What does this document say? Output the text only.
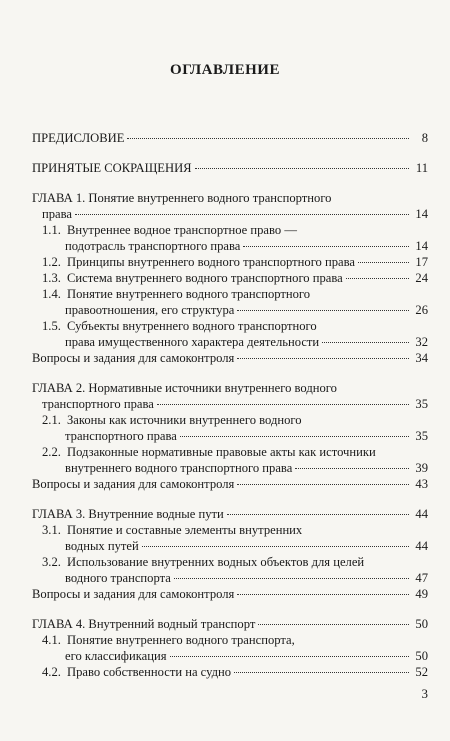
ОГЛАВЛЕНИЕ
ПРЕДИСЛОВИЕ	8
ПРИНЯТЫЕ СОКРАЩЕНИЯ	11
ГЛАВА 1. Понятие внутреннего водного транспортного
права	14
1.1. Внутреннее водное транспортное право —
подотрасль транспортного права	14
1.2. Принципы внутреннего водного транспортного права	17
1.3. Система внутреннего водного транспортного права	24
1.4. Понятие внутреннего водного транспортного
правоотношения, его структура	26
1.5. Субъекты внутреннего водного транспортного
права имущественного характера деятельности	32
Вопросы и задания для самоконтроля	34
ГЛАВА 2. Нормативные источники внутреннего водного
транспортного права	35
2.1. Законы как источники внутреннего водного
транспортного права	35
2.2. Подзаконные нормативные правовые акты как источники
внутреннего водного транспортного права	39
Вопросы и задания для самоконтроля	43
ГЛАВА 3. Внутренние водные пути	44
3.1. Понятие и составные элементы внутренних
водных путей	44
3.2. Использование внутренних водных объектов для целей
водного транспорта	47
Вопросы и задания для самоконтроля	49
ГЛАВА 4. Внутренний водный транспорт	50
4.1. Понятие внутреннего водного транспорта,
его классификация	50
4.2. Право собственности на судно	52
3
